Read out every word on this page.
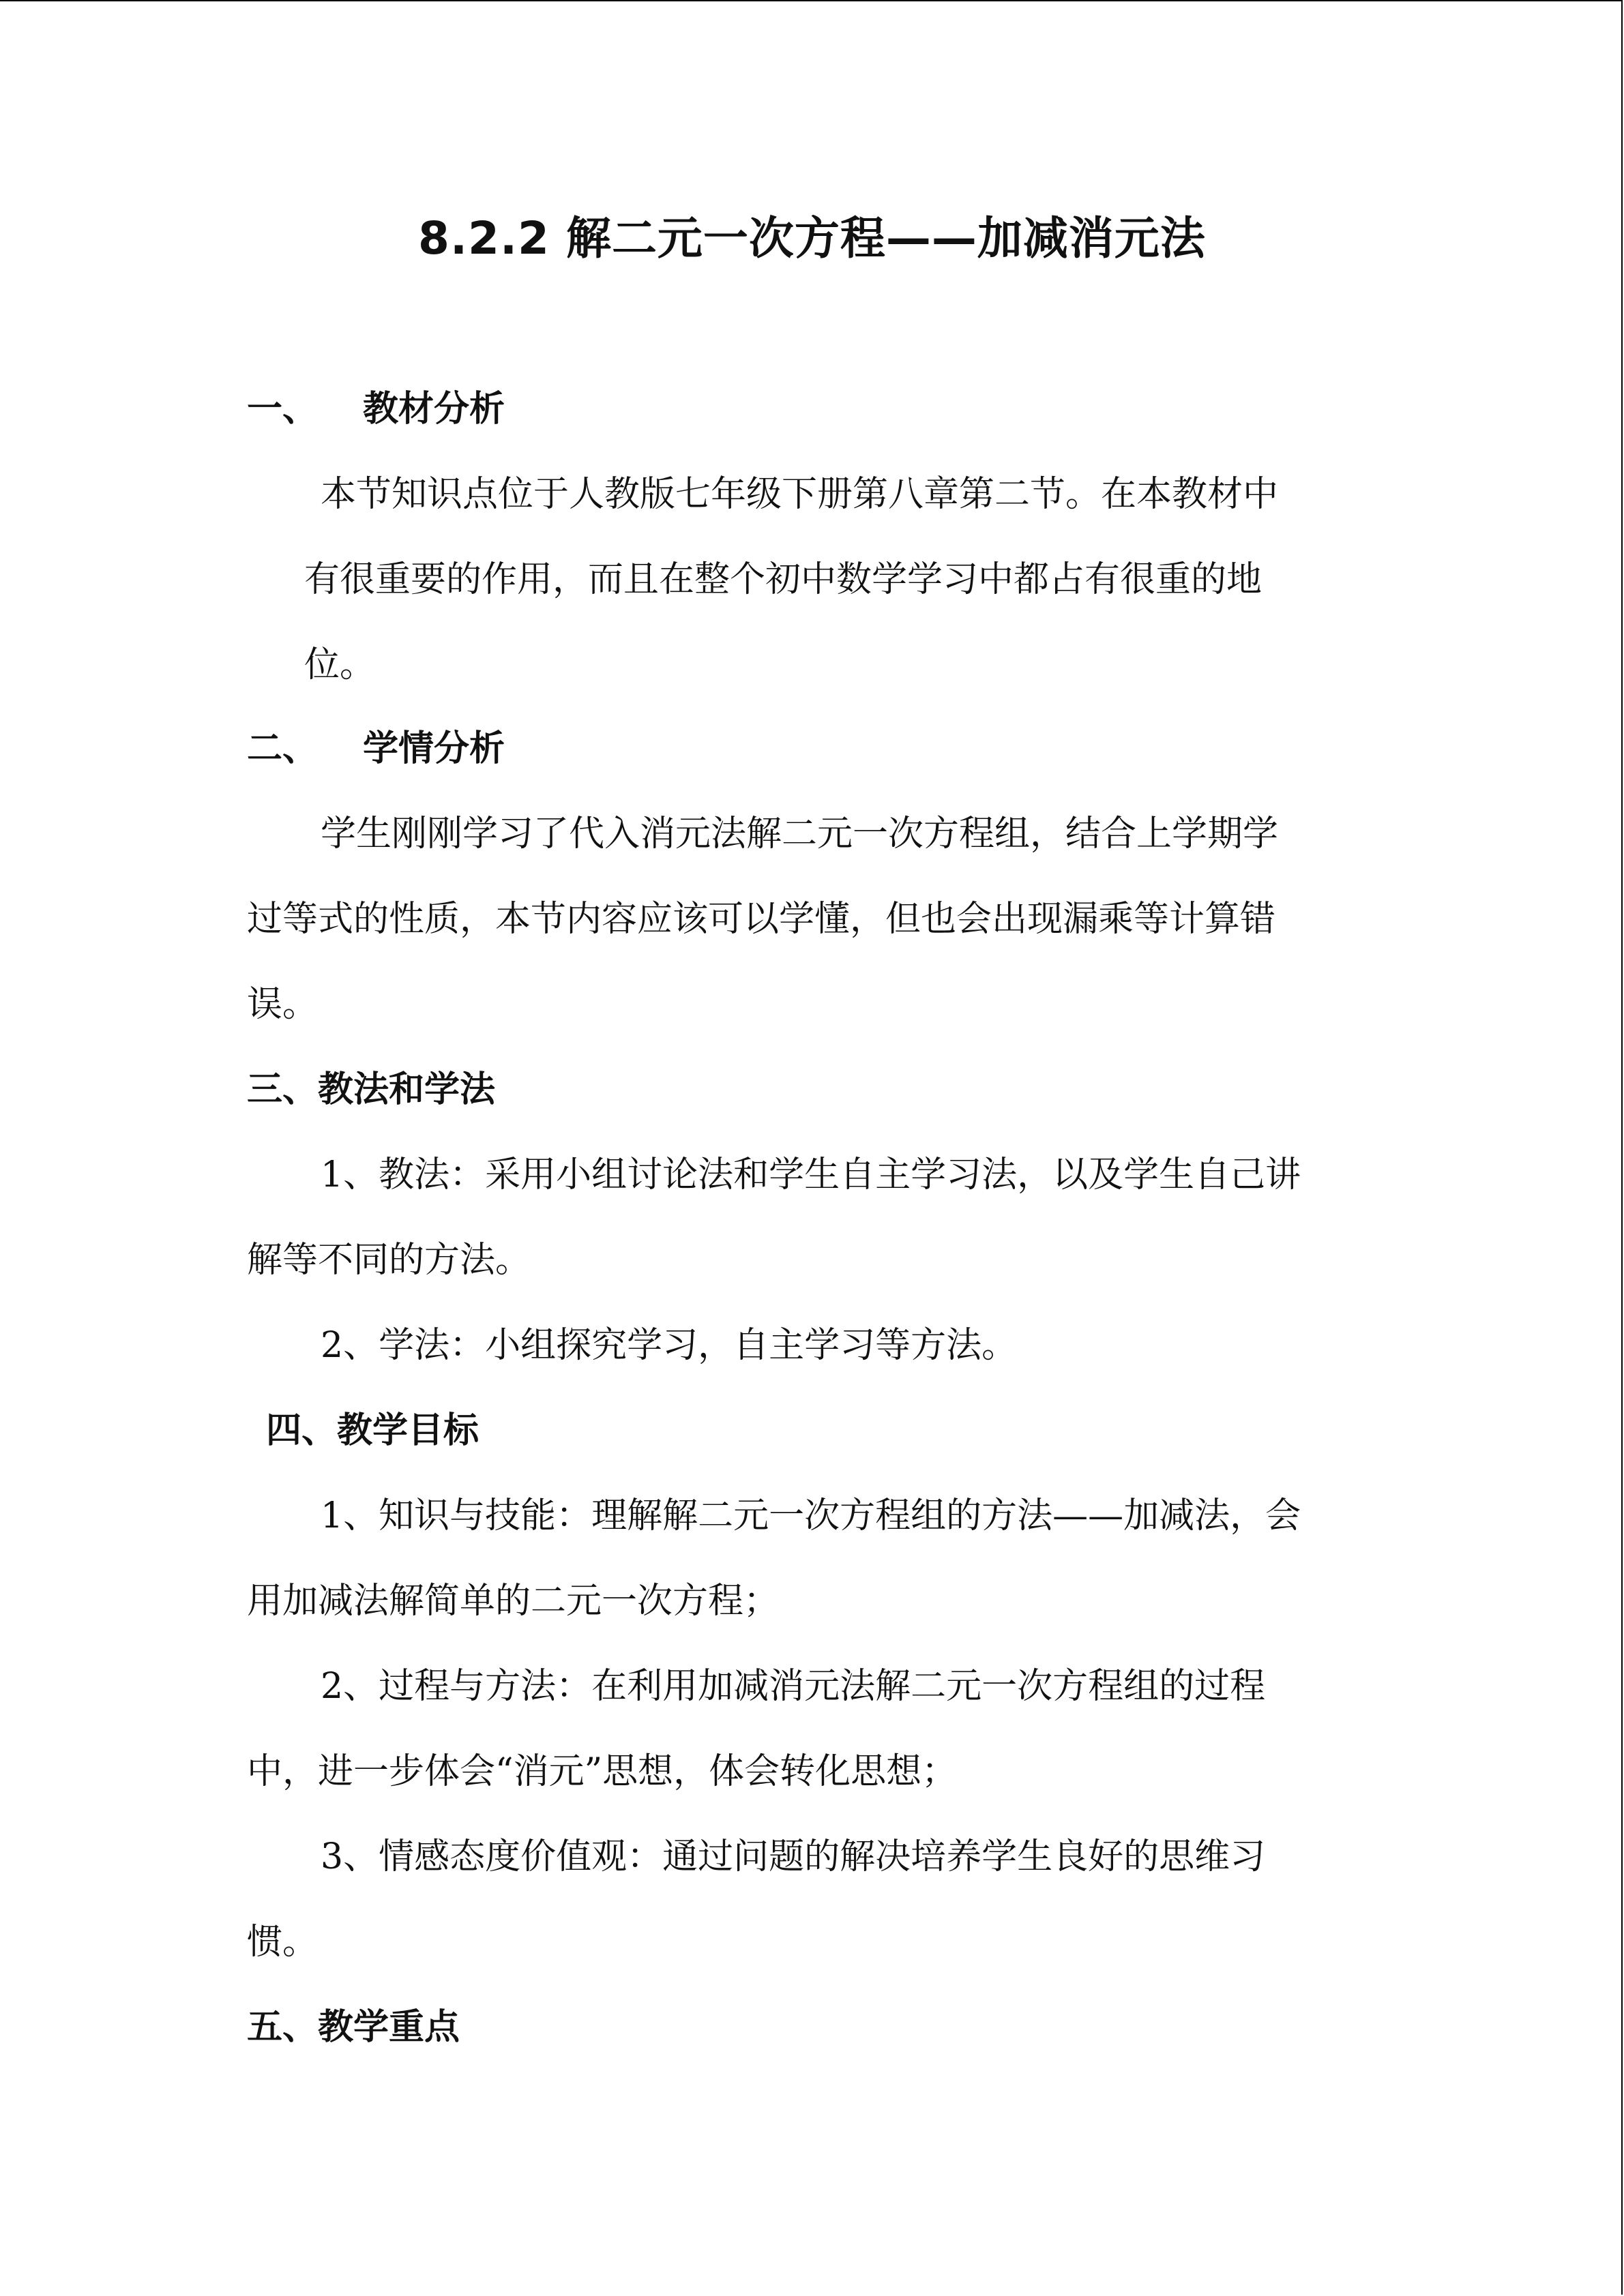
8.2.2 解二元一次方程——加减消元法
一、 教材分析
本节知识点位于人教版七年级下册第八章第二节。在本教材中
有很重要的作用，而且在整个初中数学学习中都占有很重的地
位。
二、 学情分析
学生刚刚学习了代入消元法解二元一次方程组，结合上学期学
过等式的性质，本节内容应该可以学懂，但也会出现漏乘等计算错
误。
三、教法和学法
1、教法：采用小组讨论法和学生自主学习法，以及学生自己讲
解等不同的方法。
2、学法：小组探究学习，自主学习等方法。
四、教学目标
1、知识与技能：理解解二元一次方程组的方法——加减法，会
用加减法解简单的二元一次方程；
2、过程与方法：在利用加减消元法解二元一次方程组的过程
中，进一步体会“消元”思想，体会转化思想；
3、情感态度价值观：通过问题的解决培养学生良好的思维习
惯。
五、教学重点
